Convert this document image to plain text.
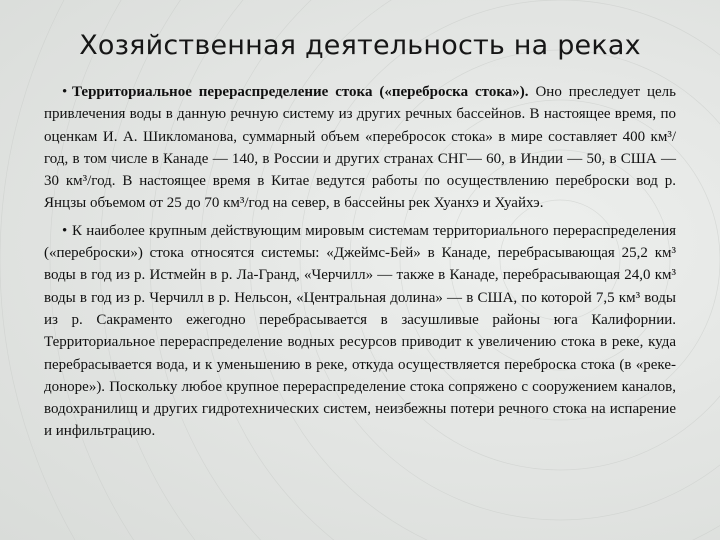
Хозяйственная деятельность на реках

• Территориальное перераспределение стока («переброска стока»). Оно преследует цель привлечения воды в данную речную систему из других речных бассейнов. В настоящее время, по оценкам И. А. Шикломанова, суммарный объем «перебросок стока» в мире составляет 400 км³/год, в том числе в Канаде — 140, в России и других странах СНГ— 60, в Индии — 50, в США —30 км³/год. В настоящее время в Китае ведутся работы по осуществлению переброски вод р. Янцзы объемом от 25 до 70 км³/год на север, в бассейны рек Хуанхэ и Хуайхэ.

• К наиболее крупным действующим мировым системам территориального перераспределения («переброски») стока относятся системы: «Джеймс-Бей» в Канаде, перебрасывающая 25,2 км³ воды в год из р. Истмейн в р. Ла-Гранд, «Черчилл» — также в Канаде, перебрасывающая 24,0 км³ воды в год из р. Черчилл в р. Нельсон, «Центральная долина» — в США, по которой 7,5 км³ воды из р. Сакраменто ежегодно перебрасывается в засушливые районы юга Калифорнии. Территориальное перераспределение водных ресурсов приводит к увеличению стока в реке, куда перебрасывается вода, и к уменьшению в реке, откуда осуществляется переброска стока (в «реке-доноре»). Поскольку любое крупное перераспределение стока сопряжено с сооружением каналов, водохранилищ и других гидротехнических систем, неизбежны потери речного стока на испарение и инфильтрацию.
